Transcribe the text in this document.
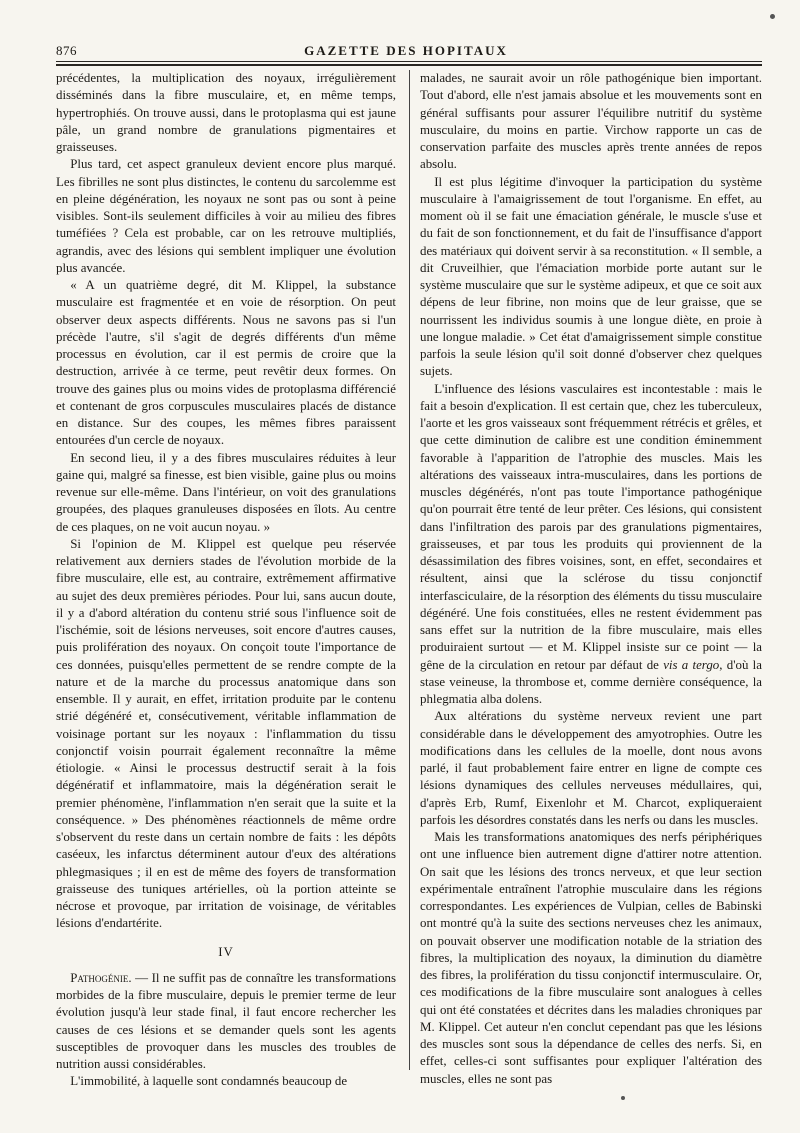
876	GAZETTE DES HOPITAUX

précédentes, la multiplication des noyaux, irrégulièrement disséminés dans la fibre musculaire, et, en même temps, hypertrophiés. On trouve aussi, dans le protoplasma qui est jaune pâle, un grand nombre de granulations pigmentaires et graisseuses.

Plus tard, cet aspect granuleux devient encore plus marqué. Les fibrilles ne sont plus distinctes, le contenu du sarcolemme est en pleine dégénération, les noyaux ne sont pas ou sont à peine visibles. Sont-ils seulement difficiles à voir au milieu des fibres tuméfiées ? Cela est probable, car on les retrouve multipliés, agrandis, avec des lésions qui semblent impliquer une évolution plus avancée.

« A un quatrième degré, dit M. Klippel, la substance musculaire est fragmentée et en voie de résorption. On peut observer deux aspects différents. Nous ne savons pas si l'un précède l'autre, s'il s'agit de degrés différents d'un même processus en évolution, car il est permis de croire que la destruction, arrivée à ce terme, peut revêtir deux formes. On trouve des gaines plus ou moins vides de protoplasma différencié et contenant de gros corpuscules musculaires placés de distance en distance. Sur des coupes, les mêmes fibres paraissent entourées d'un cercle de noyaux.

En second lieu, il y a des fibres musculaires réduites à leur gaine qui, malgré sa finesse, est bien visible, gaine plus ou moins revenue sur elle-même. Dans l'intérieur, on voit des granulations groupées, des plaques granuleuses disposées en îlots. Au centre de ces plaques, on ne voit aucun noyau. »

Si l'opinion de M. Klippel est quelque peu réservée relativement aux derniers stades de l'évolution morbide de la fibre musculaire, elle est, au contraire, extrêmement affirmative au sujet des deux premières périodes. Pour lui, sans aucun doute, il y a d'abord altération du contenu strié sous l'influence soit de l'ischémie, soit de lésions nerveuses, soit encore d'autres causes, puis prolifération des noyaux. On conçoit toute l'importance de ces données, puisqu'elles permettent de se rendre compte de la nature et de la marche du processus anatomique dans son ensemble. Il y aurait, en effet, irritation produite par le contenu strié dégénéré et, consécutivement, véritable inflammation de voisinage portant sur les noyaux : l'inflammation du tissu conjonctif voisin pourrait également reconnaître la même étiologie. « Ainsi le processus destructif serait à la fois dégénératif et inflammatoire, mais la dégénération serait le premier phénomène, l'inflammation n'en serait que la suite et la conséquence. » Des phénomènes réactionnels de même ordre s'observent du reste dans un certain nombre de faits : les dépôts caséeux, les infarctus déterminent autour d'eux des altérations phlegmasiques ; il en est de même des foyers de transformation graisseuse des tuniques artérielles, où la portion atteinte se nécrose et provoque, par irritation de voisinage, de véritables lésions d'endartérite.

IV

Pathogénie. — Il ne suffit pas de connaître les transformations morbides de la fibre musculaire, depuis le premier terme de leur évolution jusqu'à leur stade final, il faut encore rechercher les causes de ces lésions et se demander quels sont les agents susceptibles de provoquer dans les muscles des troubles de nutrition aussi considérables.

L'immobilité, à laquelle sont condamnés beaucoup de

malades, ne saurait avoir un rôle pathogénique bien important. Tout d'abord, elle n'est jamais absolue et les mouvements sont en général suffisants pour assurer l'équilibre nutritif du système musculaire, du moins en partie. Virchow rapporte un cas de conservation parfaite des muscles après trente années de repos absolu.

Il est plus légitime d'invoquer la participation du système musculaire à l'amaigrissement de tout l'organisme. En effet, au moment où il se fait une émaciation générale, le muscle s'use et du fait de son fonctionnement, et du fait de l'insuffisance d'apport des matériaux qui doivent servir à sa reconstitution. « Il semble, a dit Cruveilhier, que l'émaciation morbide porte autant sur le système musculaire que sur le système adipeux, et que ce soit aux dépens de leur fibrine, non moins que de leur graisse, que se nourrissent les individus soumis à une longue diète, en proie à une longue maladie. » Cet état d'amaigrissement simple constitue parfois la seule lésion qu'il soit donné d'observer chez quelques sujets.

L'influence des lésions vasculaires est incontestable : mais le fait a besoin d'explication. Il est certain que, chez les tuberculeux, l'aorte et les gros vaisseaux sont fréquemment rétrécis et grêles, et que cette diminution de calibre est une condition éminemment favorable à l'apparition de l'atrophie des muscles. Mais les altérations des vaisseaux intra-musculaires, dans les portions de muscles dégénérés, n'ont pas toute l'importance pathogénique qu'on pourrait être tenté de leur prêter. Ces lésions, qui consistent dans l'infiltration des parois par des granulations pigmentaires, graisseuses, et par tous les produits qui proviennent de la désassimilation des fibres voisines, sont, en effet, secondaires et résultent, ainsi que la sclérose du tissu conjonctif interfasciculaire, de la résorption des éléments du tissu musculaire dégénéré. Une fois constituées, elles ne restent évidemment pas sans effet sur la nutrition de la fibre musculaire, mais elles produiraient surtout — et M. Klippel insiste sur ce point — la gêne de la circulation en retour par défaut de vis a tergo, d'où la stase veineuse, la thrombose et, comme dernière conséquence, la phlegmatia alba dolens.

Aux altérations du système nerveux revient une part considérable dans le développement des amyotrophies. Outre les modifications dans les cellules de la moelle, dont nous avons parlé, il faut probablement faire entrer en ligne de compte ces lésions dynamiques des cellules nerveuses médullaires, qui, d'après Erb, Rumf, Eixenlohr et M. Charcot, expliqueraient parfois les désordres constatés dans les nerfs ou dans les muscles.

Mais les transformations anatomiques des nerfs périphériques ont une influence bien autrement digne d'attirer notre attention. On sait que les lésions des troncs nerveux, et que leur section expérimentale entraînent l'atrophie musculaire dans les régions correspondantes. Les expériences de Vulpian, celles de Babinski ont montré qu'à la suite des sections nerveuses chez les animaux, on pouvait observer une modification notable de la striation des fibres, la multiplication des noyaux, la diminution du diamètre des fibres, la prolifération du tissu conjonctif intermusculaire. Or, ces modifications de la fibre musculaire sont analogues à celles qui ont été constatées et décrites dans les maladies chroniques par M. Klippel. Cet auteur n'en conclut cependant pas que les lésions des muscles sont sous la dépendance de celles des nerfs. Si, en effet, celles-ci sont suffisantes pour expliquer l'altération des muscles, elles ne sont pas
